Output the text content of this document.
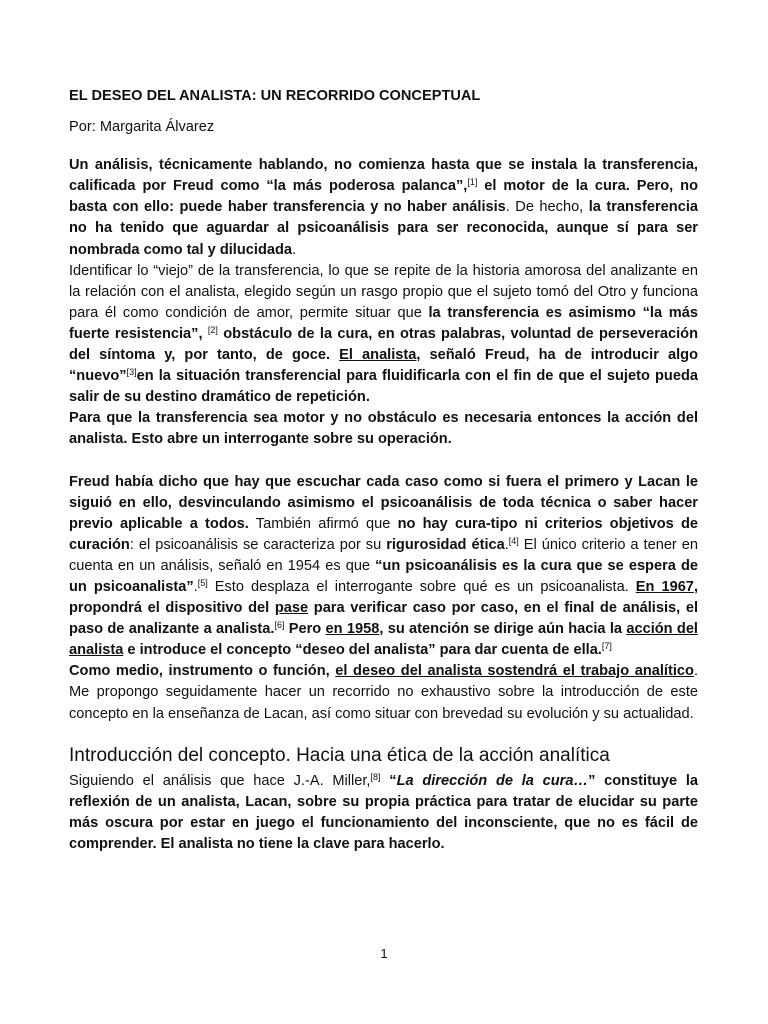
EL DESEO DEL ANALISTA: UN RECORRIDO CONCEPTUAL
Por: Margarita Álvarez

Un análisis, técnicamente hablando, no comienza hasta que se instala la transferencia, calificada por Freud como “la más poderosa palanca”,[1] el motor de la cura. Pero, no basta con ello: puede haber transferencia y no haber análisis. De hecho, la transferencia no ha tenido que aguardar al psicoanálisis para ser reconocida, aunque sí para ser nombrada como tal y dilucidada.

Identificar lo “viejo” de la transferencia, lo que se repite de la historia amorosa del analizante en la relación con el analista, elegido según un rasgo propio que el sujeto tomó del Otro y funciona para él como condición de amor, permite situar que la transferencia es asimismo “la más fuerte resistencia”, [2] obstáculo de la cura, en otras palabras, voluntad de perseveración del síntoma y, por tanto, de goce. El analista, señaló Freud, ha de introducir algo “nuevo”[3]en la situación transferencial para fluidificarla con el fin de que el sujeto pueda salir de su destino dramático de repetición.

Para que la transferencia sea motor y no obstáculo es necesaria entonces la acción del analista. Esto abre un interrogante sobre su operación.

Freud había dicho que hay que escuchar cada caso como si fuera el primero y Lacan le siguió en ello, desvinculando asimismo el psicoanálisis de toda técnica o saber hacer previo aplicable a todos. También afirmó que no hay cura-tipo ni criterios objetivos de curación: el psicoanálisis se caracteriza por su rigurosidad ética.[4] El único criterio a tener en cuenta en un análisis, señaló en 1954 es que “un psicoanálisis es la cura que se espera de un psicoanalista”.[5] Esto desplaza el interrogante sobre qué es un psicoanalista. En 1967, propondrá el dispositivo del pase para verificar caso por caso, en el final de análisis, el paso de analizante a analista.[6] Pero en 1958, su atención se dirige aún hacia la acción del analista e introduce el concepto “deseo del analista” para dar cuenta de ella.[7]

Como medio, instrumento o función, el deseo del analista sostendrá el trabajo analítico. Me propongo seguidamente hacer un recorrido no exhaustivo sobre la introducción de este concepto en la enseñanza de Lacan, así como situar con brevedad su evolución y su actualidad.

Introducción del concepto. Hacia una ética de la acción analítica

Siguiendo el análisis que hace J.-A. Miller,[8] “La dirección de la cura…” constituye la reflexión de un analista, Lacan, sobre su propia práctica para tratar de elucidar su parte más oscura por estar en juego el funcionamiento del inconsciente, que no es fácil de comprender. El analista no tiene la clave para hacerlo.

1
